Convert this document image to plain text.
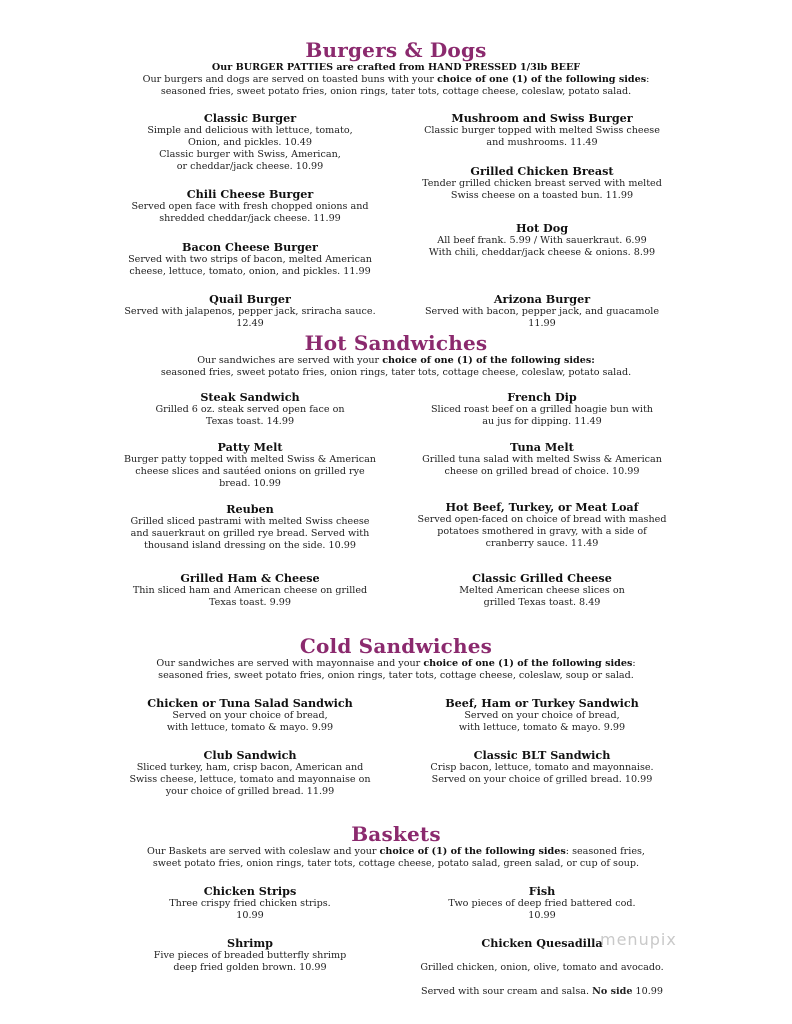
Burgers & Dogs
Our BURGER PATTIES are crafted from HAND PRESSED 1/3lb BEEF
Our burgers and dogs are served on toasted buns with your choice of one (1) of the following sides:
seasoned fries, sweet potato fries, onion rings, tater tots, cottage cheese, coleslaw, potato salad.
Classic Burger
Simple and delicious with lettuce, tomato,
Onion, and pickles. 10.49
Classic burger with Swiss, American,
or cheddar/jack cheese. 10.99
Mushroom and Swiss Burger
Classic burger topped with melted Swiss cheese
and mushrooms. 11.49
Grilled Chicken Breast
Tender grilled chicken breast served with melted
Swiss cheese on a toasted bun. 11.99
Chili Cheese Burger
Served open face with fresh chopped onions and
shredded cheddar/jack cheese. 11.99
Hot Dog
All beef frank. 5.99 / With sauerkraut. 6.99
With chili, cheddar/jack cheese & onions. 8.99
Bacon Cheese Burger
Served with two strips of bacon, melted American
cheese, lettuce, tomato, onion, and pickles. 11.99
Quail Burger
Served with jalapenos, pepper jack, sriracha sauce.
12.49
Arizona Burger
Served with bacon, pepper jack, and guacamole
11.99
Hot Sandwiches
Our sandwiches are served with your choice of one (1) of the following sides:
seasoned fries, sweet potato fries, onion rings, tater tots, cottage cheese, coleslaw, potato salad.
Steak Sandwich
Grilled 6 oz. steak served open face on
Texas toast. 14.99
French Dip
Sliced roast beef on a grilled hoagie bun with
au jus for dipping. 11.49
Patty Melt
Burger patty topped with melted Swiss & American
cheese slices and sautéed onions on grilled rye
bread. 10.99
Tuna Melt
Grilled tuna salad with melted Swiss & American
cheese on grilled bread of choice. 10.99
Reuben
Grilled sliced pastrami with melted Swiss cheese
and sauerkraut on grilled rye bread. Served with
thousand island dressing on the side. 10.99
Hot Beef, Turkey, or Meat Loaf
Served open-faced on choice of bread with mashed
potatoes smothered in gravy, with a side of
cranberry sauce. 11.49
Grilled Ham & Cheese
Thin sliced ham and American cheese on grilled
Texas toast. 9.99
Classic Grilled Cheese
Melted American cheese slices on
grilled Texas toast. 8.49
Cold Sandwiches
Our sandwiches are served with mayonnaise and your choice of one (1) of the following sides:
seasoned fries, sweet potato fries, onion rings, tater tots, cottage cheese, coleslaw, soup or salad.
Chicken or Tuna Salad Sandwich
Served on your choice of bread,
with lettuce, tomato & mayo. 9.99
Beef, Ham or Turkey Sandwich
Served on your choice of bread,
with lettuce, tomato & mayo. 9.99
Club Sandwich
Sliced turkey, ham, crisp bacon, American and
Swiss cheese, lettuce, tomato and mayonnaise on
your choice of grilled bread. 11.99
Classic BLT Sandwich
Crisp bacon, lettuce, tomato and mayonnaise.
Served on your choice of grilled bread. 10.99
Baskets
Our Baskets are served with coleslaw and your choice of (1) of the following sides: seasoned fries,
sweet potato fries, onion rings, tater tots, cottage cheese, potato salad, green salad, or cup of soup.
Chicken Strips
Three crispy fried chicken strips.
10.99
Fish
Two pieces of deep fried battered cod.
10.99
Shrimp
Five pieces of breaded butterfly shrimp
deep fried golden brown. 10.99
Chicken Quesadilla

Grilled chicken, onion, olive, tomato and avocado.

Served with sour cream and salsa. No side 10.99

menupix
